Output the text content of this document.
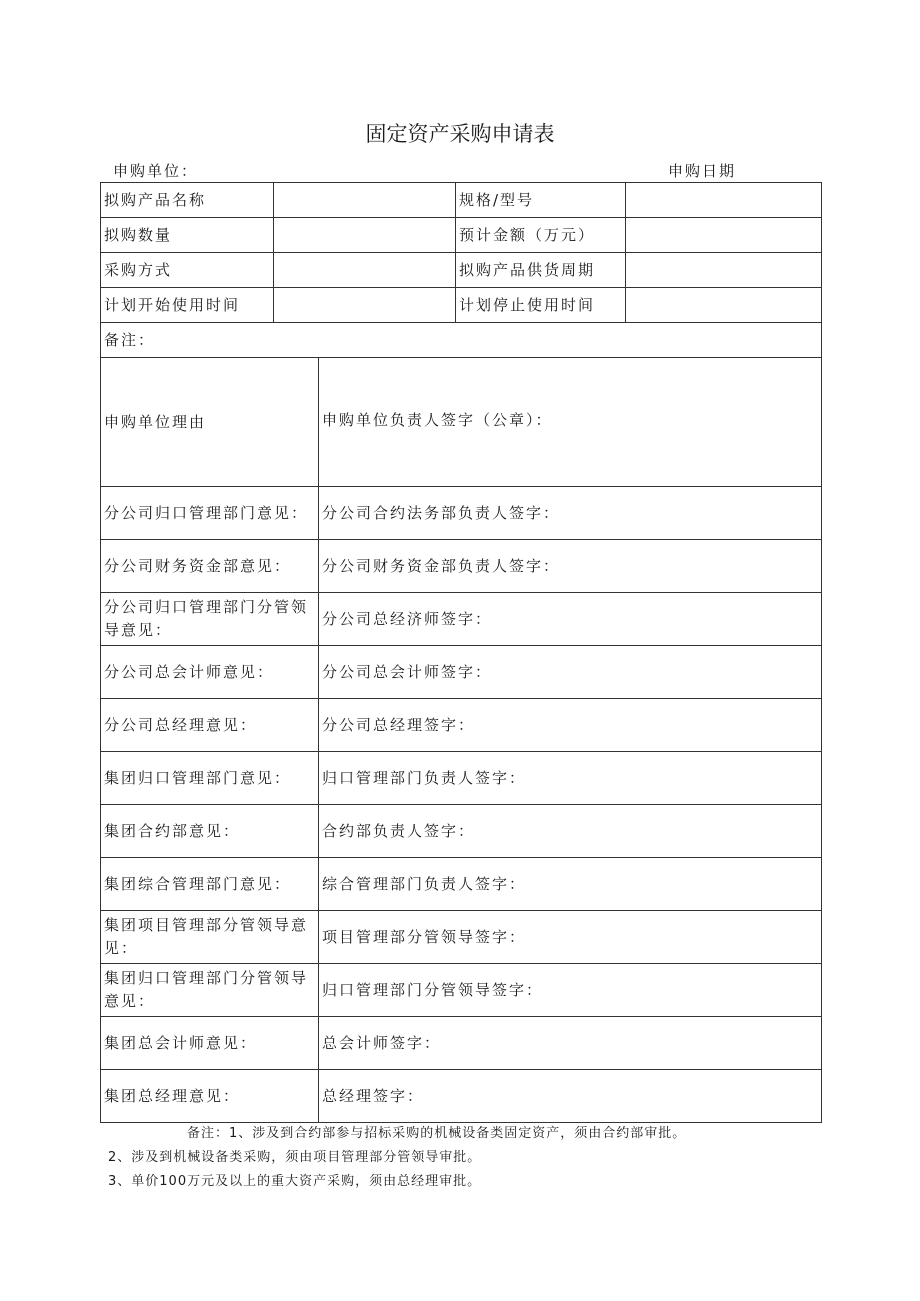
固定资产采购申请表
申购单位：	申购日期
拟购产品名称			规格/型号	
拟购数量			预计金额（万元）	
采购方式			拟购产品供货周期	
计划开始使用时间			计划停止使用时间	
备注：				
申购单位理由		申购单位负责人签字（公章）：		
分公司归口管理部门意见：		分公司合约法务部负责人签字：		
分公司财务资金部意见：		分公司财务资金部负责人签字：		
分公司归口管理部门分管领导意见：		分公司总经济师签字：		
分公司总会计师意见：		分公司总会计师签字：		
分公司总经理意见：		分公司总经理签字：		
集团归口管理部门意见：		归口管理部门负责人签字：		
集团合约部意见：		合约部负责人签字：		
集团综合管理部门意见：		综合管理部门负责人签字：		
集团项目管理部分管领导意见：		项目管理部分管领导签字：		
集团归口管理部门分管领导意见：		归口管理部门分管领导签字：		
集团总会计师意见：		总会计师签字：		
集团总经理意见：		总经理签字：		
备注：1、涉及到合约部参与招标采购的机械设备类固定资产，须由合约部审批。
2、涉及到机械设备类采购，须由项目管理部分管领导审批。
3、单价100万元及以上的重大资产采购，须由总经理审批。
